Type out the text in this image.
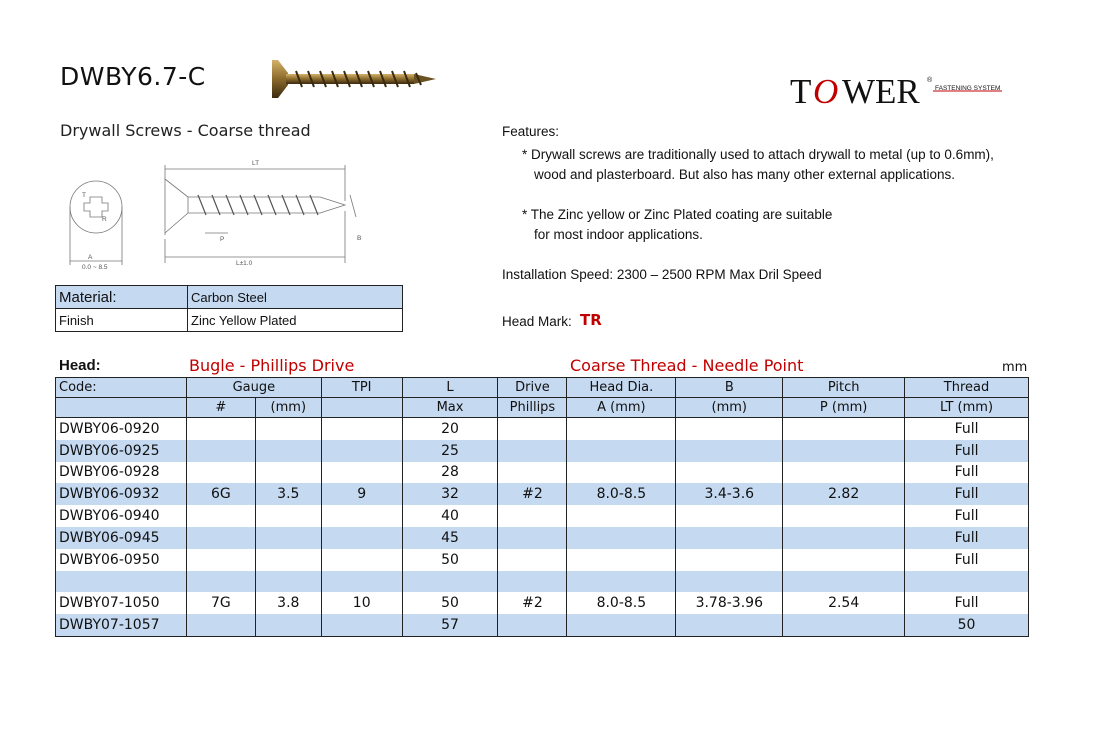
DWBY6.7-C	T O WER ®
FASTENING SYSTEM
Drywall Screws - Coarse thread
LT
T
R
A
0.0 ~ 8.5
P	B
L±1.0
Material:	Carbon Steel
Finish	Zinc Yellow Plated
Features:
* Drywall screws are traditionally used to attach drywall to metal (up to 0.6mm),
wood and plasterboard. But also has many other external applications.
* The Zinc yellow or Zinc Plated coating are suitable
for most indoor applications.
Installation Speed: 2300 – 2500 RPM Max Dril Speed
Head Mark: TR
Head:	Bugle - Phillips Drive	Coarse Thread - Needle Point	mm
Code:	Gauge		TPI	L	Drive	Head Dia.	B	Pitch	Thread
	#	(mm)		Max	Phillips	A (mm)	(mm)	P (mm)	LT (mm)
DWBY06-0920				20					Full
DWBY06-0925				25					Full
DWBY06-0928				28					Full
DWBY06-0932	6G	3.5	9	32	#2	8.0-8.5	3.4-3.6	2.82	Full
DWBY06-0940				40					Full
DWBY06-0945				45					Full
DWBY06-0950				50					Full

DWBY07-1050	7G	3.8	10	50	#2	8.0-8.5	3.78-3.96	2.54	Full
DWBY07-1057				57					50
